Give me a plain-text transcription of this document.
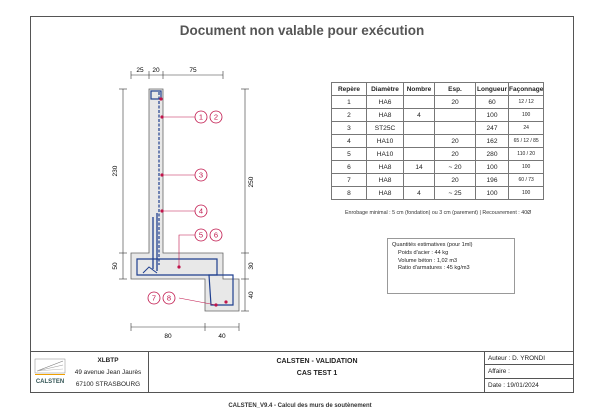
Document non valable pour exécution
1 2
3
4
5 6
7 8
25 20	75
230
50
250
30
40
80	40
Repère	Diamètre	Nombre	Esp.	Longueur	Façonnage
1	HA6		20	60	12 / 12
2	HA8	4		100	100
3	ST25C			247	24
4	HA10		20	162	65 / 12 / 85
5	HA10		20	280	110 / 20
6	HA8	14	~ 20	100	100
7	HA8		20	196	60 / 73
8	HA8	4	~ 25	100	100
Enrobage minimal : 5 cm (fondation) ou 3 cm (parement) | Recouvrement : 40Ø
Quantités estimatives (pour 1ml)
Poids d'acier : 44 kg
Volume béton : 1,02 m3
Ratio d'armatures : 45 kg/m3
CALSTEN
XLBTP
49 avenue Jean Jaurès
67100 STRASBOURG
CALSTEN - VALIDATION
CAS TEST 1
Auteur : D. YRONDI
Affaire :
Date : 19/01/2024
CALSTEN_V9.4 - Calcul des murs de soutènement
